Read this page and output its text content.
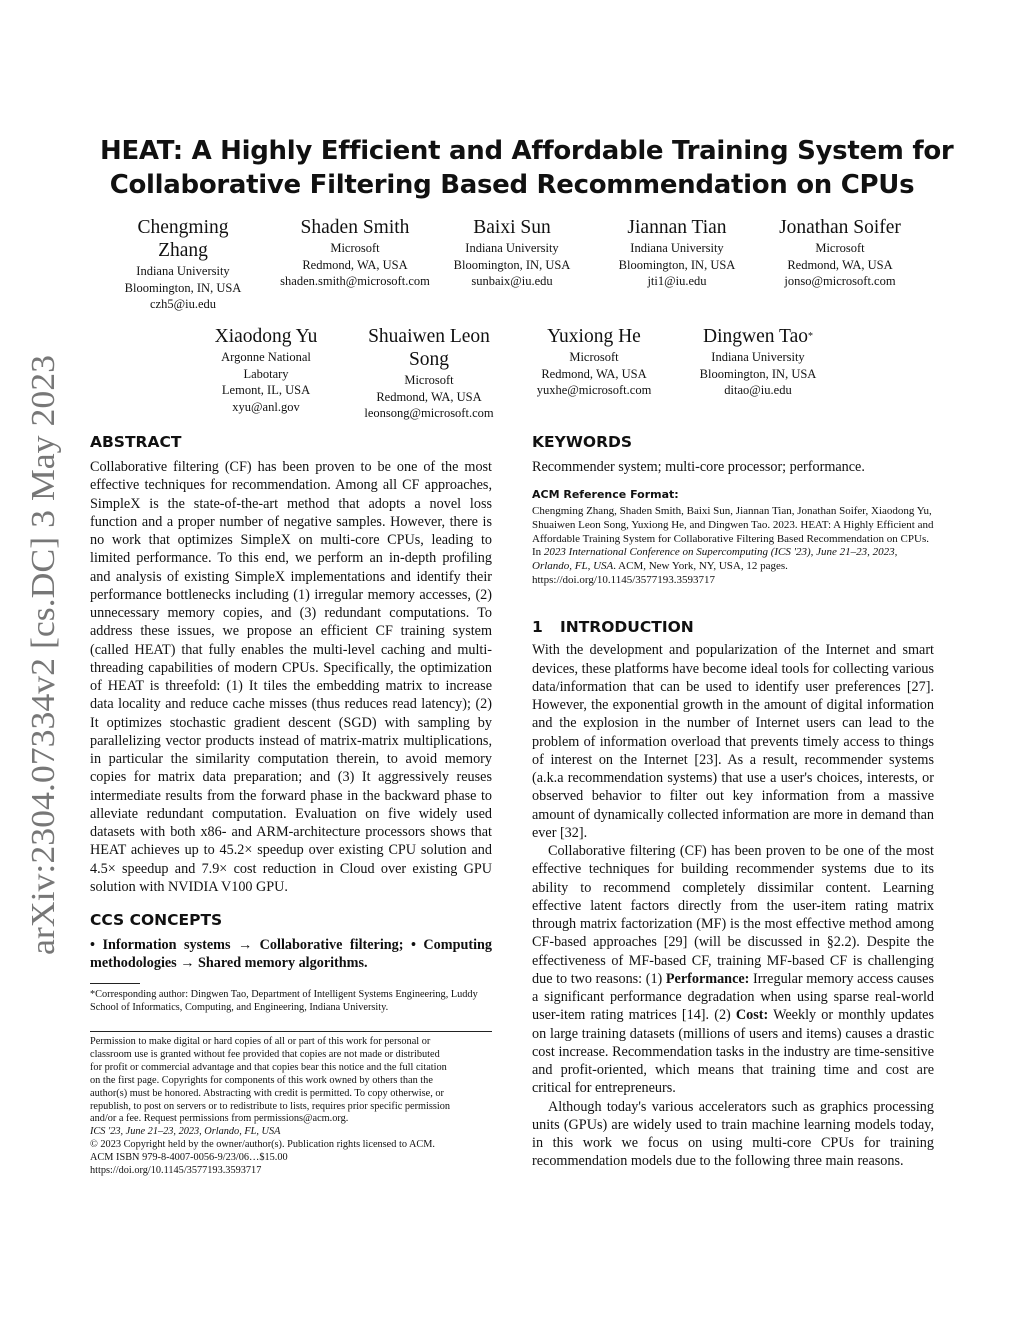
arXiv:2304.07334v2 [cs.DC] 3 May 2023
HEAT: A Highly Efficient and Affordable Training System for
Collaborative Filtering Based Recommendation on CPUs
Chengming Zhang
Indiana University
Bloomington, IN, USA
czh5@iu.edu
Shaden Smith
Microsoft
Redmond, WA, USA
shaden.smith@microsoft.com
Baixi Sun
Indiana University
Bloomington, IN, USA
sunbaix@iu.edu
Jiannan Tian
Indiana University
Bloomington, IN, USA
jti1@iu.edu
Jonathan Soifer
Microsoft
Redmond, WA, USA
jonso@microsoft.com
Xiaodong Yu
Argonne National
Labotary
Lemont, IL, USA
xyu@anl.gov
Shuaiwen Leon Song
Microsoft
Redmond, WA, USA
leonsong@microsoft.com
Yuxiong He
Microsoft
Redmond, WA, USA
yuxhe@microsoft.com
Dingwen Tao*
Indiana University
Bloomington, IN, USA
ditao@iu.edu
ABSTRACT

Collaborative filtering (CF) has been proven to be one of the most effective techniques for recommendation. Among all CF approaches, SimpleX is the state-of-the-art method that adopts a novel loss function and a proper number of negative samples. However, there is no work that optimizes SimpleX on multi-core CPUs, leading to limited performance. To this end, we perform an in-depth profiling and analysis of existing SimpleX implementations and identify their performance bottlenecks including (1) irregular memory accesses, (2) unnecessary memory copies, and (3) redundant computations. To address these issues, we propose an efficient CF training system (called HEAT) that fully enables the multi-level caching and multi-threading capabilities of modern CPUs. Specifically, the optimization of HEAT is threefold: (1) It tiles the embedding matrix to increase data locality and reduce cache misses (thus reduces read latency); (2) It optimizes stochastic gradient descent (SGD) with sampling by parallelizing vector products instead of matrix-matrix multiplications, in particular the similarity computation therein, to avoid memory copies for matrix data preparation; and (3) It aggressively reuses intermediate results from the forward phase in the backward phase to alleviate redundant computation. Evaluation on five widely used datasets with both x86- and ARM-architecture processors shows that HEAT achieves up to 45.2× speedup over existing CPU solution and 4.5× speedup and 7.9× cost reduction in Cloud over existing GPU solution with NVIDIA V100 GPU.

CCS CONCEPTS
• Information systems → Collaborative filtering; • Computing methodologies → Shared memory algorithms.
*Corresponding author: Dingwen Tao, Department of Intelligent Systems Engineering, Luddy School of Informatics, Computing, and Engineering, Indiana University.
Permission to make digital or hard copies of all or part of this work for personal or
classroom use is granted without fee provided that copies are not made or distributed
for profit or commercial advantage and that copies bear this notice and the full citation
on the first page. Copyrights for components of this work owned by others than the
author(s) must be honored. Abstracting with credit is permitted. To copy otherwise, or
republish, to post on servers or to redistribute to lists, requires prior specific permission
and/or a fee. Request permissions from permissions@acm.org.
ICS '23, June 21–23, 2023, Orlando, FL, USA
© 2023 Copyright held by the owner/author(s). Publication rights licensed to ACM.
ACM ISBN 979-8-4007-0056-9/23/06…$15.00
https://doi.org/10.1145/3577193.3593717
KEYWORDS

Recommender system; multi-core processor; performance.

ACM Reference Format:
Chengming Zhang, Shaden Smith, Baixi Sun, Jiannan Tian, Jonathan Soifer, Xiaodong Yu, Shuaiwen Leon Song, Yuxiong He, and Dingwen Tao. 2023. HEAT: A Highly Efficient and Affordable Training System for Collaborative Filtering Based Recommendation on CPUs. In 2023 International Conference on Supercomputing (ICS '23), June 21–23, 2023, Orlando, FL, USA. ACM, New York, NY, USA, 12 pages. https://doi.org/10.1145/3577193.3593717
1 INTRODUCTION

With the development and popularization of the Internet and smart devices, these platforms have become ideal tools for collecting various data/information that can be used to identify user preferences [27]. However, the exponential growth in the amount of digital information and the explosion in the number of Internet users can lead to the problem of information overload that prevents timely access to things of interest on the Internet [23]. As a result, recommender systems (a.k.a recommendation systems) that use a user's choices, interests, or observed behavior to filter out key information from a massive amount of dynamically collected information are more in demand than ever [32].

Collaborative filtering (CF) has been proven to be one of the most effective techniques for building recommender systems due to its ability to recommend completely dissimilar content. Learning effective latent factors directly from the user-item rating matrix through matrix factorization (MF) is the most effective method among CF-based approaches [29] (will be discussed in §2.2). Despite the effectiveness of MF-based CF, training MF-based CF is challenging due to two reasons: (1) Performance: Irregular memory access causes a significant performance degradation when using sparse real-world user-item rating matrices [14]. (2) Cost: Weekly or monthly updates on large training datasets (millions of users and items) causes a drastic cost increase. Recommendation tasks in the industry are time-sensitive and profit-oriented, which means that training time and cost are critical for entrepreneurs.

Although today's various accelerators such as graphics processing units (GPUs) are widely used to train machine learning models today, in this work we focus on using multi-core CPUs for training recommendation models due to the following three main reasons.
